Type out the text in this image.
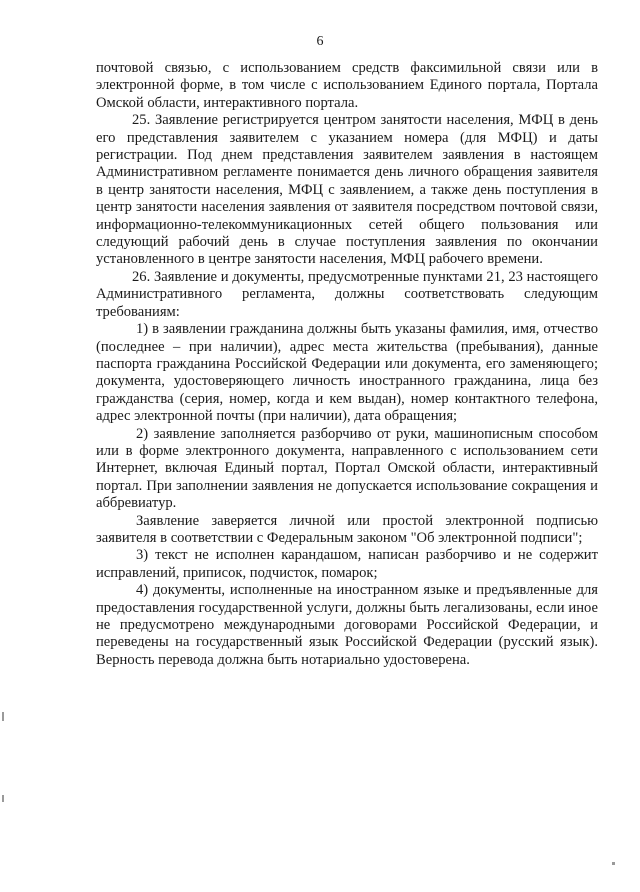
6

почтовой связью, с использованием средств факсимильной связи или в электронной форме, в том числе с использованием Единого портала, Портала Омской области, интерактивного портала.

25. Заявление регистрируется центром занятости населения, МФЦ в день его представления заявителем с указанием номера (для МФЦ) и даты регистрации. Под днем представления заявителем заявления в настоящем Административном регламенте понимается день личного обращения заявителя в центр занятости населения, МФЦ с заявлением, а также день поступления в центр занятости населения заявления от заявителя посредством почтовой связи, информационно-телекоммуникационных сетей общего пользования или следующий рабочий день в случае поступления заявления по окончании установленного в центре занятости населения, МФЦ рабочего времени.

26. Заявление и документы, предусмотренные пунктами 21, 23 настоящего Административного регламента, должны соответствовать следующим требованиям:

1) в заявлении гражданина должны быть указаны фамилия, имя, отчество (последнее – при наличии), адрес места жительства (пребывания), данные паспорта гражданина Российской Федерации или документа, его заменяющего; документа, удостоверяющего личность иностранного гражданина, лица без гражданства (серия, номер, когда и кем выдан), номер контактного телефона, адрес электронной почты (при наличии), дата обращения;

2) заявление заполняется разборчиво от руки, машинописным способом или в форме электронного документа, направленного с использованием сети Интернет, включая Единый портал, Портал Омской области, интерактивный портал. При заполнении заявления не допускается использование сокращения и аббревиатур.

Заявление заверяется личной или простой электронной подписью заявителя в соответствии с Федеральным законом "Об электронной подписи";

3) текст не исполнен карандашом, написан разборчиво и не содержит исправлений, приписок, подчисток, помарок;

4) документы, исполненные на иностранном языке и предъявленные для предоставления государственной услуги, должны быть легализованы, если иное не предусмотрено международными договорами Российской Федерации, и переведены на государственный язык Российской Федерации (русский язык). Верность перевода должна быть нотариально удостоверена.
